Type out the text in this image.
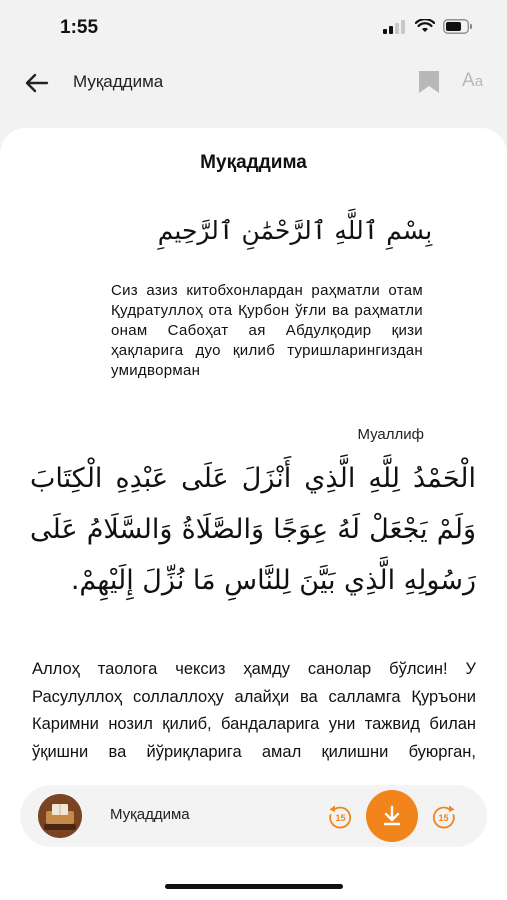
1:55
Муқаддима	Aa
Муқаддима
بِسْمِ ٱللَّهِ ٱلرَّحْمَٰنِ ٱلرَّحِيمِ
Сиз азиз китобхонлардан раҳматли отам Қудратуллоҳ ота Қурбон ўғли ва раҳматли онам Сабоҳат ая Абдулқодир қизи ҳақларига дуо қилиб туришларингиздан умидворман
Муаллиф
الْحَمْدُ لِلَّهِ الَّذِي أَنْزَلَ عَلَى عَبْدِهِ الْكِتَابَ وَلَمْ يَجْعَلْ لَهُ عِوَجًا وَالصَّلَاةُ وَالسَّلَامُ عَلَى رَسُولِهِ الَّذِي بَيَّنَ لِلنَّاسِ مَا نُزِّلَ إِلَيْهِمْ.
Аллоҳ таологa чексиз ҳамду санолар бўлсин! У Расулуллоҳ соллаллоҳу алайҳи ва салламга Қуръони Каримни нозил қилиб, бандаларига уни тажвид билан ўқишни ва йўриқларига амал қилишни буюрган,
Муқаддима	15	15
